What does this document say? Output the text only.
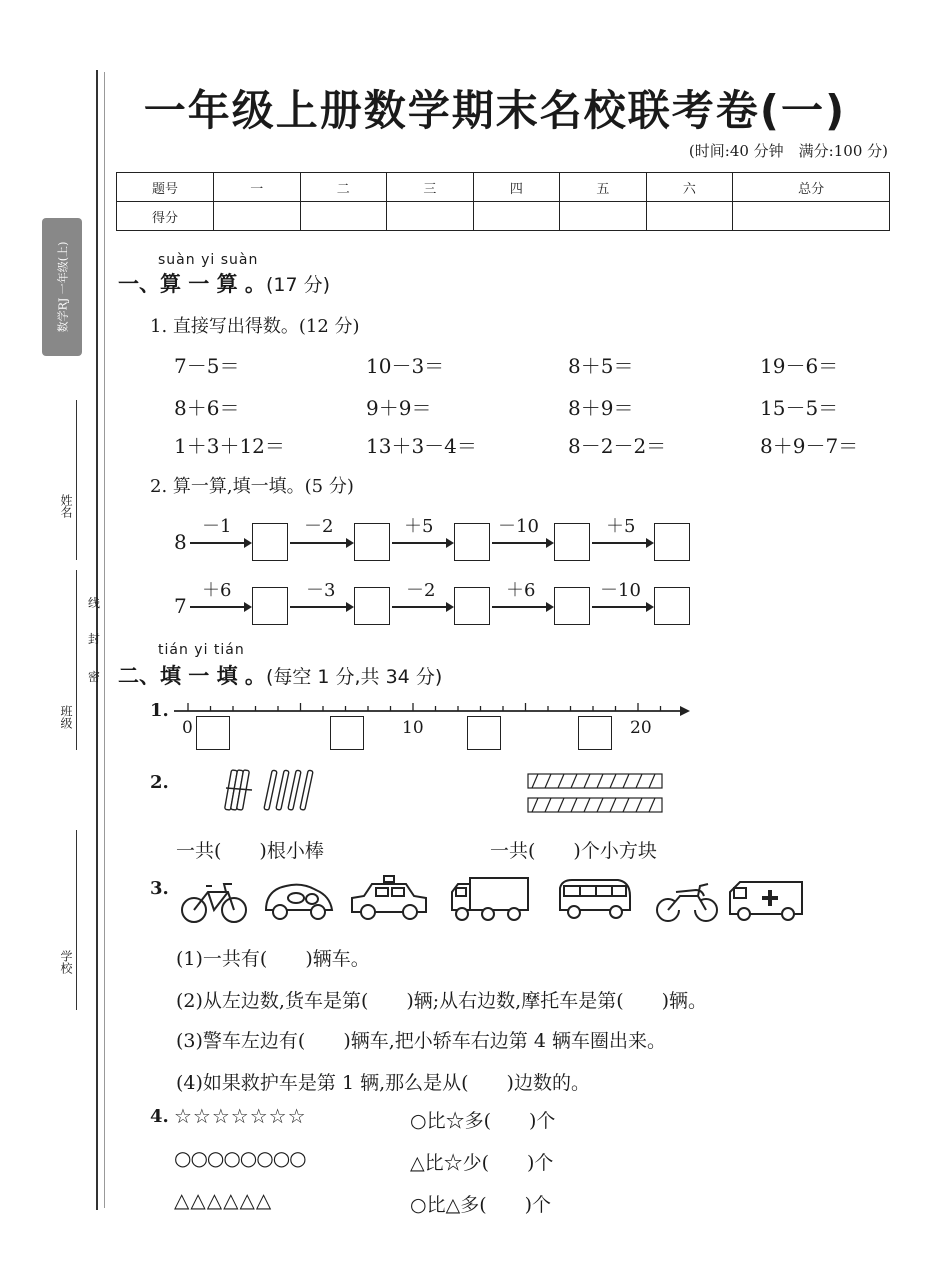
数学RJ 一年级(上)
姓名
班级
学校
密
封
线
一年级上册数学期末名校联考卷(一)
(时间:40 分钟　满分:100 分)
题号	一	二	三	四	五	六	总分
得分							
suàn yi suàn
一、算 一 算 。(17 分)
1. 直接写出得数。(12 分)
7－5＝	10－3＝	8＋5＝	19－6＝
8＋6＝	9＋9＝	8＋9＝	15－5＝
1＋3＋12＝	13＋3－4＝	8－2－2＝	8＋9－7＝
2. 算一算,填一填。(5 分)
8
－1	－2	＋5	－10	＋5
7
＋6	－3	－2	＋6	－10
tián yi tián
二、填 一 填 。(每空 1 分,共 34 分)
1.
0	10	20
2.
一共(　　)根小棒	一共(　　)个小方块
3.
(1)一共有(　　)辆车。
(2)从左边数,货车是第(　　)辆;从右边数,摩托车是第(　　)辆。
(3)警车左边有(　　)辆车,把小轿车右边第 4 辆车圈出来。
(4)如果救护车是第 1 辆,那么是从(　　)边数的。
4. ☆☆☆☆☆☆☆
○○○○○○○○
△△△△△△
○比☆多(　　)个
△比☆少(　　)个
○比△多(　　)个
